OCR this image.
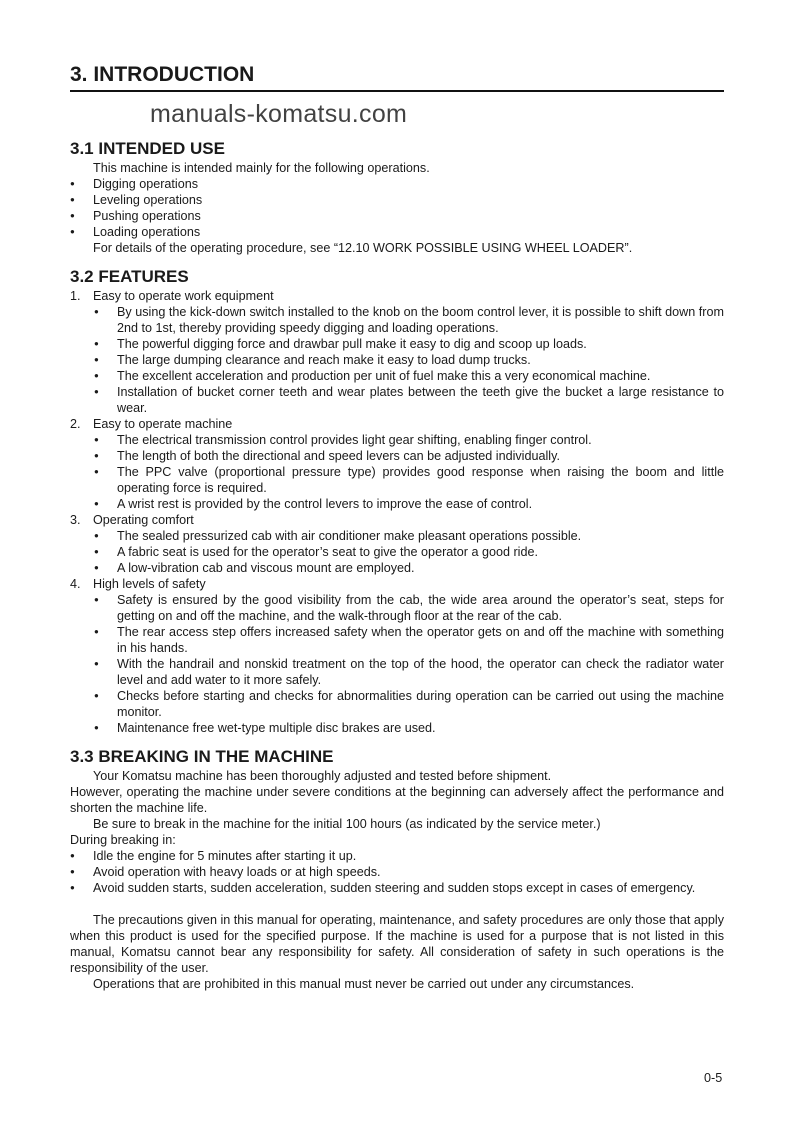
3. INTRODUCTION
manuals-komatsu.com
3.1 INTENDED USE
This machine is intended mainly for the following operations.
● Digging operations
● Leveling operations
● Pushing operations
● Loading operations
For details of the operating procedure, see “12.10 WORK POSSIBLE USING WHEEL LOADER”.
3.2 FEATURES
1. Easy to operate work equipment
● By using the kick-down switch installed to the knob on the boom control lever, it is possible to shift down from 2nd to 1st, thereby providing speedy digging and loading operations.
● The powerful digging force and drawbar pull make it easy to dig and scoop up loads.
● The large dumping clearance and reach make it easy to load dump trucks.
● The excellent acceleration and production per unit of fuel make this a very economical machine.
● Installation of bucket corner teeth and wear plates between the teeth give the bucket a large resistance to wear.
2. Easy to operate machine
● The electrical transmission control provides light gear shifting, enabling finger control.
● The length of both the directional and speed levers can be adjusted individually.
● The PPC valve (proportional pressure type) provides good response when raising the boom and little operating force is required.
● A wrist rest is provided by the control levers to improve the ease of control.
3. Operating comfort
● The sealed pressurized cab with air conditioner make pleasant operations possible.
● A fabric seat is used for the operator’s seat to give the operator a good ride.
● A low-vibration cab and viscous mount are employed.
4. High levels of safety
● Safety is ensured by the good visibility from the cab, the wide area around the operator’s seat, steps for getting on and off the machine, and the walk-through floor at the rear of the cab.
● The rear access step offers increased safety when the operator gets on and off the machine with something in his hands.
● With the handrail and nonskid treatment on the top of the hood, the operator can check the radiator water level and add water to it more safely.
● Checks before starting and checks for abnormalities during operation can be carried out using the machine monitor.
● Maintenance free wet-type multiple disc brakes are used.
3.3 BREAKING IN THE MACHINE
Your Komatsu machine has been thoroughly adjusted and tested before shipment.
However, operating the machine under severe conditions at the beginning can adversely affect the performance and shorten the machine life.
Be sure to break in the machine for the initial 100 hours (as indicated by the service meter.)
During breaking in:
● Idle the engine for 5 minutes after starting it up.
● Avoid operation with heavy loads or at high speeds.
● Avoid sudden starts, sudden acceleration, sudden steering and sudden stops except in cases of emergency.
The precautions given in this manual for operating, maintenance, and safety procedures are only those that apply when this product is used for the specified purpose. If the machine is used for a purpose that is not listed in this manual, Komatsu cannot bear any responsibility for safety. All consideration of safety in such operations is the responsibility of the user.
Operations that are prohibited in this manual must never be carried out under any circumstances.
0-5
